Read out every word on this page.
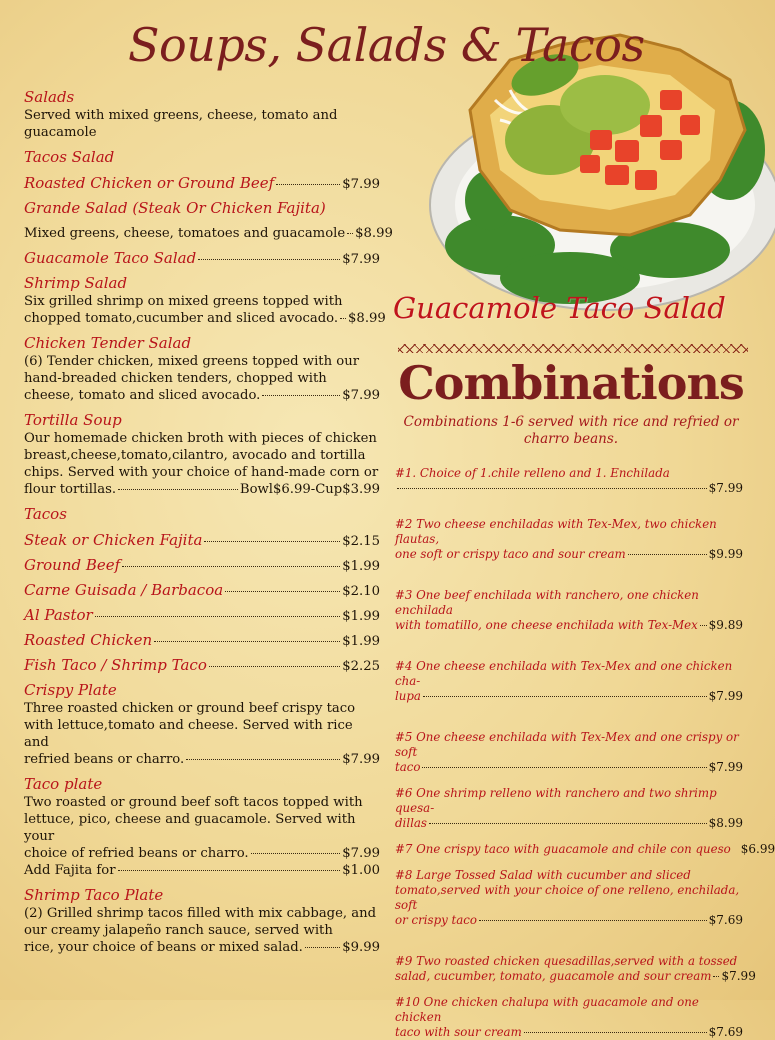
Soups, Salads & Tacos
Guacamole Taco Salad
Salads
Served with mixed greens, cheese, tomato and guacamole
Tacos Salad
Roasted Chicken or Ground Beef	$7.99
Grande Salad (Steak Or Chicken Fajita)
Mixed greens, cheese, tomatoes and guacamole $8.99
Guacamole Taco Salad	$7.99
Shrimp Salad
Six grilled shrimp on mixed greens topped with
chopped tomato,cucumber and sliced avocado. $8.99
Chicken Tender Salad
(6) Tender chicken, mixed greens topped with our hand-breaded chicken tenders, chopped with
cheese, tomato and sliced avocado.	$7.99
Tortilla Soup
Our homemade chicken broth with pieces of chicken breast,cheese,tomato,cilantro, avocado and tortilla chips. Served with your choice of hand-made corn or
flour tortillas.	Bowl$6.99-Cup$3.99
Tacos
Steak or Chicken Fajita	$2.15
Ground Beef	$1.99
Carne Guisada / Barbacoa	$2.10
Al Pastor	$1.99
Roasted Chicken	$1.99
Fish Taco / Shrimp Taco	$2.25
Crispy Plate
Three roasted chicken or ground beef crispy taco with lettuce,tomato and cheese. Served with rice and
refried beans or charro.	$7.99
Taco plate
Two roasted or ground beef soft tacos topped with lettuce, pico, cheese and guacamole. Served with your
choice of refried beans or charro.	$7.99
Add Fajita for	$1.00
Shrimp Taco Plate
(2) Grilled shrimp tacos filled with mix cabbage, and our creamy jalapeño ranch sauce, served with
rice, your choice of beans or mixed salad.	$9.99
Combinations
Combinations 1-6 served with rice and refried or charro beans.
#1. Choice of 1.chile relleno and 1. Enchilada
$7.99
#2 Two cheese enchiladas with Tex-Mex, two chicken flautas,
one soft or crispy taco and sour cream	$9.99
#3 One beef enchilada with ranchero, one chicken enchilada
with tomatillo, one cheese enchilada with Tex-Mex $9.89
#4 One cheese enchilada with Tex-Mex and one chicken cha-
lupa	$7.99
#5 One cheese enchilada with Tex-Mex and one crispy or soft
taco	$7.99
#6 One shrimp relleno with ranchero and two shrimp quesa-
dillas	$8.99
#7 One crispy taco with guacamole and chile con queso $6.99
#8 Large Tossed Salad with cucumber and sliced tomato,served with your choice of one relleno, enchilada, soft
or crispy taco	$7.69
#9 Two roasted chicken quesadillas,served with a tossed
salad, cucumber, tomato, guacamole and sour cream $7.99
#10 One chicken chalupa with guacamole and one chicken
taco with sour cream	$7.69
